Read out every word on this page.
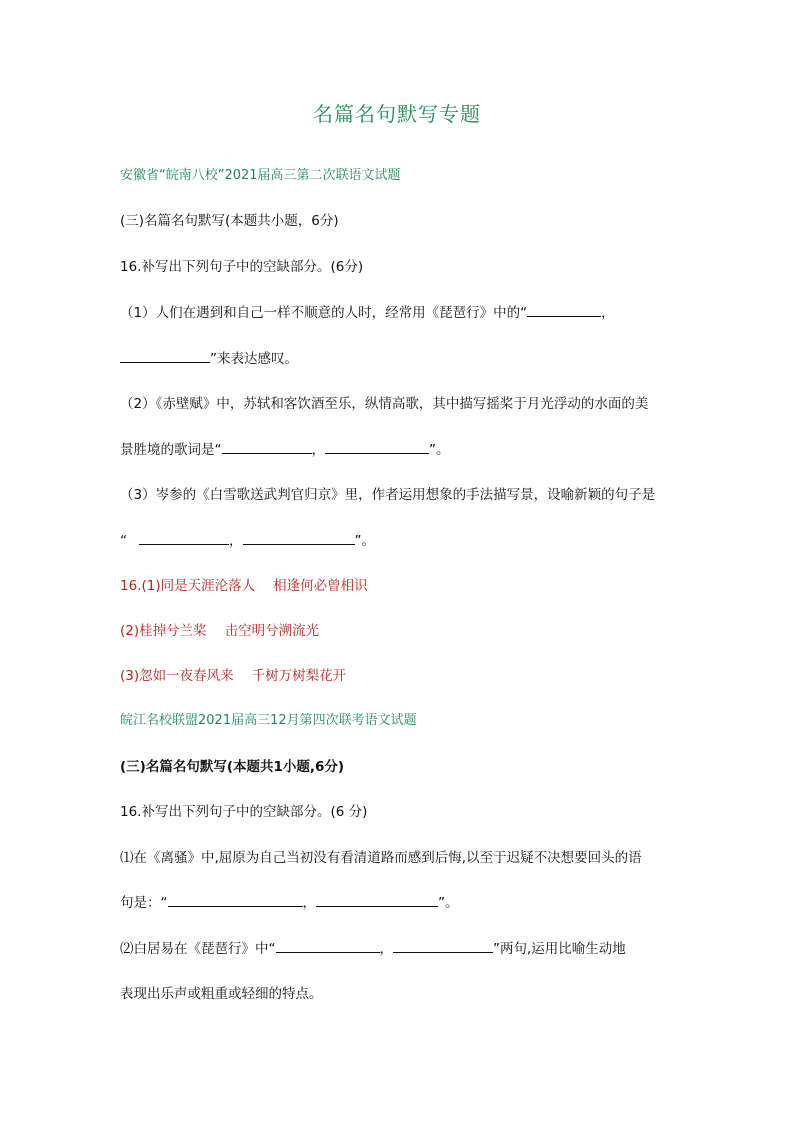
名篇名句默写专题
安徽省“皖南八校”2021届高三第二次联语文试题
(三)名篇名句默写(本题共小题，6分)
16.补写出下列句子中的空缺部分。(6分)
（1）人们在遇到和自己一样不顺意的人时，经常用《琵琶行》中的“	，
”来表达感叹。
（2）《赤壁赋》中，苏轼和客饮酒至乐，纵情高歌，其中描写摇桨于月光浮动的水面的美
景胜境的歌词是“	，	”。
（3）岑参的《白雪歌送武判官归京》里，作者运用想象的手法描写景，设喻新颖的句子是
“	，	”。
16.(1)同是天涯沦落人 相逢何必曾相识
(2)桂掉兮兰桨 击空明兮溯流光
(3)忽如一夜春风来 千树万树梨花开
皖江名校联盟2021届高三12月第四次联考语文试题
(三)名篇名句默写(本题共1小题,6分)
16.补写出下列句子中的空缺部分。(6 分)
⑴在《离骚》中,屈原为自己当初没有看清道路而感到后悔,以至于迟疑不决想要回头的语
句是：“	，	”。
⑵白居易在《琵琶行》中“	，	”两句,运用比喻生动地
表现出乐声或粗重或轻细的特点。
